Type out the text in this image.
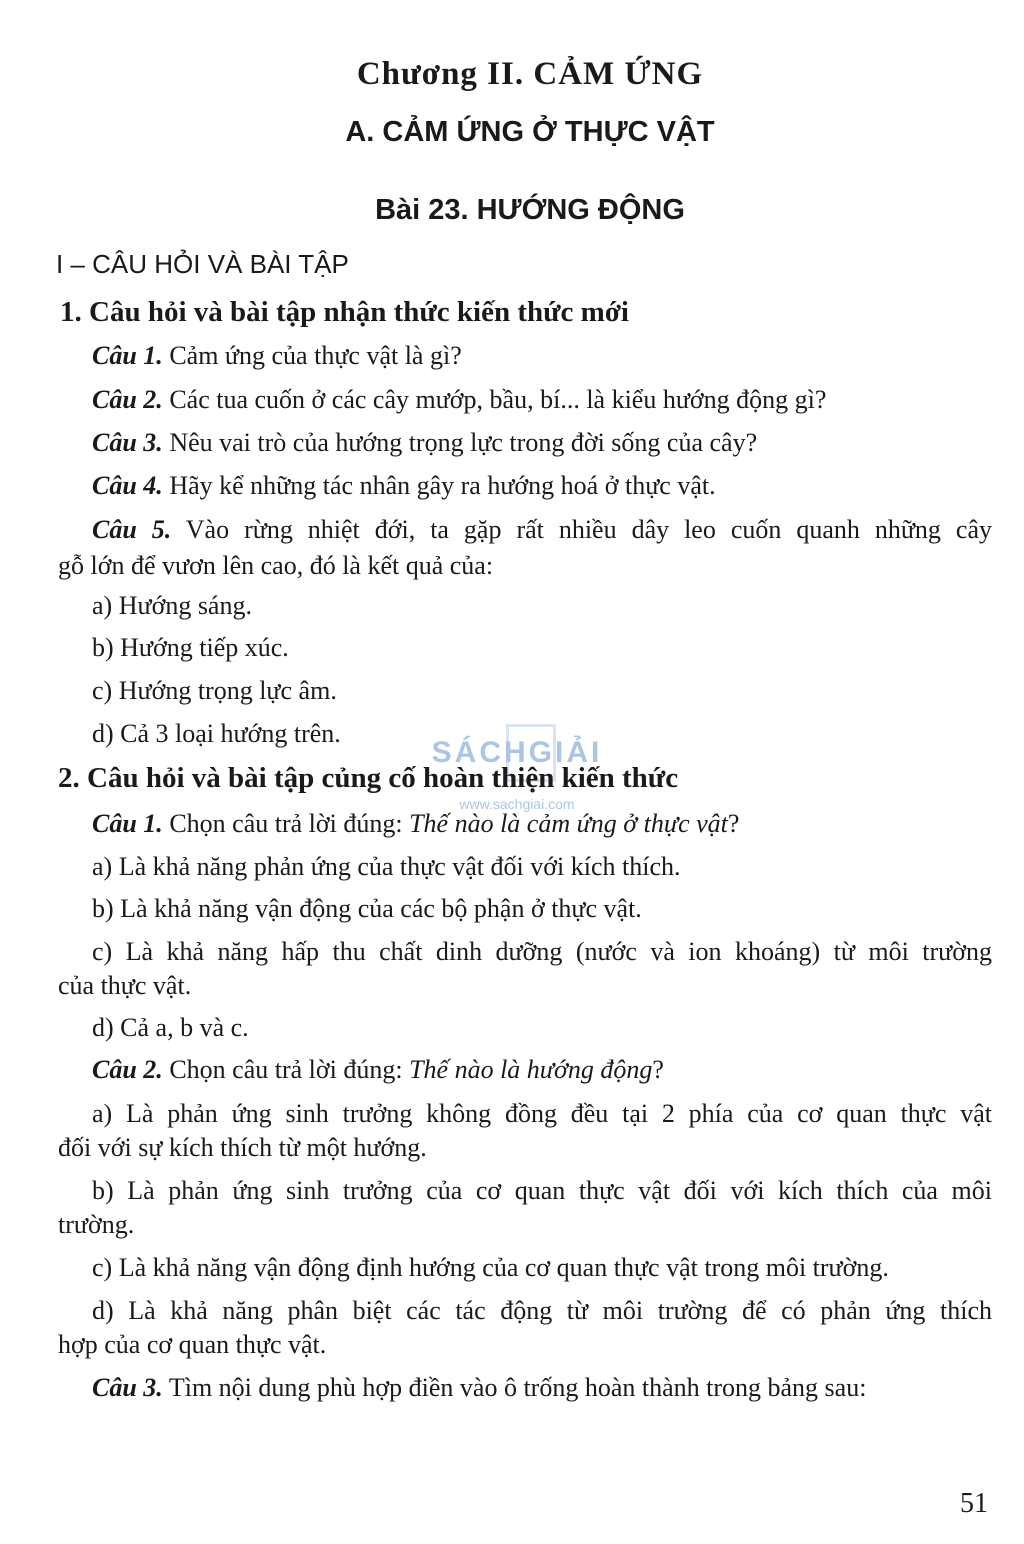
Chương II. CẢM ỨNG
A. CẢM ỨNG Ở THỰC VẬT
Bài 23. HƯỚNG ĐỘNG
I – CÂU HỎI VÀ BÀI TẬP
1. Câu hỏi và bài tập nhận thức kiến thức mới
Câu 1. Cảm ứng của thực vật là gì?
Câu 2. Các tua cuốn ở các cây mướp, bầu, bí... là kiểu hướng động gì?
Câu 3. Nêu vai trò của hướng trọng lực trong đời sống của cây?
Câu 4. Hãy kể những tác nhân gây ra hướng hoá ở thực vật.
Câu 5. Vào rừng nhiệt đới, ta gặp rất nhiều dây leo cuốn quanh những cây
gỗ lớn để vươn lên cao, đó là kết quả của:
a) Hướng sáng.
b) Hướng tiếp xúc.
c) Hướng trọng lực âm.
d) Cả 3 loại hướng trên.
SÁCHGIẢI
www.sachgiai.com
2. Câu hỏi và bài tập củng cố hoàn thiện kiến thức
Câu 1. Chọn câu trả lời đúng: Thế nào là cảm ứng ở thực vật?
a) Là khả năng phản ứng của thực vật đối với kích thích.
b) Là khả năng vận động của các bộ phận ở thực vật.
c) Là khả năng hấp thu chất dinh dưỡng (nước và ion khoáng) từ môi trường
của thực vật.
d) Cả a, b và c.
Câu 2. Chọn câu trả lời đúng: Thế nào là hướng động?
a) Là phản ứng sinh trưởng không đồng đều tại 2 phía của cơ quan thực vật
đối với sự kích thích từ một hướng.
b) Là phản ứng sinh trưởng của cơ quan thực vật đối với kích thích của môi
trường.
c) Là khả năng vận động định hướng của cơ quan thực vật trong môi trường.
d) Là khả năng phân biệt các tác động từ môi trường để có phản ứng thích
hợp của cơ quan thực vật.
Câu 3. Tìm nội dung phù hợp điền vào ô trống hoàn thành trong bảng sau:
51
